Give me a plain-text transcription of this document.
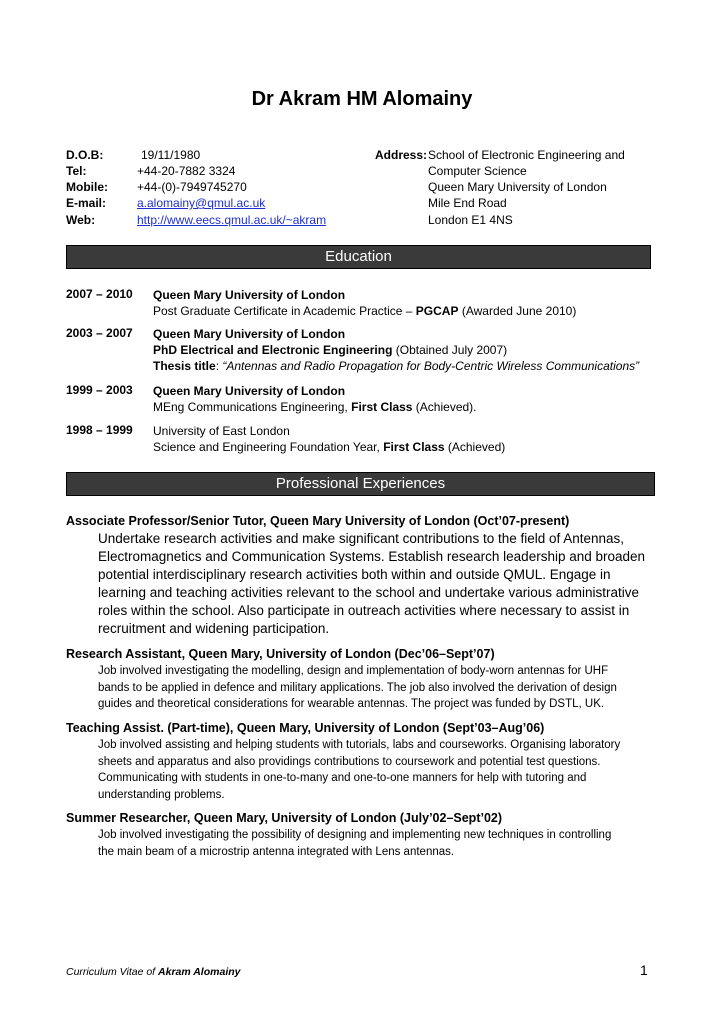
Dr Akram HM Alomainy
D.O.B:	19/11/1980
Tel:	+44-20-7882 3324
Mobile: +44-(0)-7949745270
E-mail:	a.alomainy@qmul.ac.uk
Web:	http://www.eecs.qmul.ac.uk/~akram
Address: School of Electronic Engineering and
Computer Science
Queen Mary University of London
Mile End Road
London E1 4NS
Education
2007 – 2010 Queen Mary University of London
Post Graduate Certificate in Academic Practice – PGCAP (Awarded June 2010)
2003 – 2007 Queen Mary University of London
PhD Electrical and Electronic Engineering (Obtained July 2007)
Thesis title: “Antennas and Radio Propagation for Body-Centric Wireless Communications”
1999 – 2003 Queen Mary University of London
MEng Communications Engineering, First Class (Achieved).
1998 – 1999 University of East London
Science and Engineering Foundation Year, First Class (Achieved)
Professional Experiences
Associate Professor/Senior Tutor, Queen Mary University of London (Oct’07-present)
Undertake research activities and make significant contributions to the field of Antennas,
Electromagnetics and Communication Systems. Establish research leadership and broaden
potential interdisciplinary research activities both within and outside QMUL. Engage in
learning and teaching activities relevant to the school and undertake various administrative
roles within the school. Also participate in outreach activities where necessary to assist in
recruitment and widening participation.
Research Assistant, Queen Mary, University of London (Dec’06–Sept’07)
Job involved investigating the modelling, design and implementation of body-worn antennas for UHF
bands to be applied in defence and military applications. The job also involved the derivation of design
guides and theoretical considerations for wearable antennas. The project was funded by DSTL, UK.
Teaching Assist. (Part-time), Queen Mary, University of London (Sept’03–Aug’06)
Job involved assisting and helping students with tutorials, labs and courseworks. Organising laboratory
sheets and apparatus and also providings contributions to coursework and potential test questions.
Communicating with students in one-to-many and one-to-one manners for help with tutoring and
understanding problems.
Summer Researcher, Queen Mary, University of London (July’02–Sept’02)
Job involved investigating the possibility of designing and implementing new techniques in controlling
the main beam of a microstrip antenna integrated with Lens antennas.
Curriculum Vitae of Akram Alomainy	1
